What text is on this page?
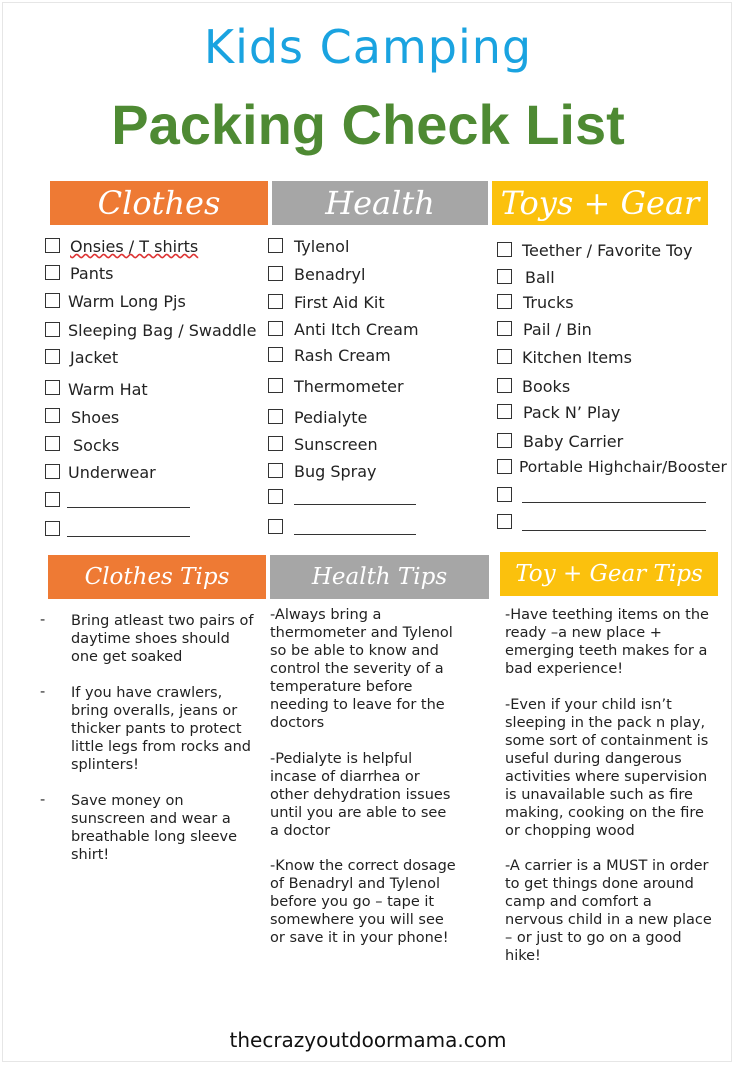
Kids Camping
Packing Check List
Clothes	Health	Toys + Gear
Onsies / T shirts
Pants
Warm Long Pjs
Sleeping Bag / Swaddle
Jacket
Warm Hat
Shoes
Socks
Underwear
Tylenol
Benadryl
First Aid Kit
Anti Itch Cream
Rash Cream
Thermometer
Pedialyte
Sunscreen
Bug Spray
Teether / Favorite Toy
Ball
Trucks
Pail / Bin
Kitchen Items
Books
Pack N’ Play
Baby Carrier
Portable Highchair/Booster
Clothes Tips	Health Tips	Toy + Gear Tips
- Bring atleast two pairs of daytime shoes should one get soaked
- If you have crawlers, bring overalls, jeans or thicker pants to protect little legs from rocks and splinters!
- Save money on sunscreen and wear a breathable long sleeve shirt!
-Always bring a thermometer and Tylenol so be able to know and control the severity of a temperature before needing to leave for the doctors
-Pedialyte is helpful incase of diarrhea or other dehydration issues until you are able to see a doctor
-Know the correct dosage of Benadryl and Tylenol before you go – tape it somewhere you will see or save it in your phone!
-Have teething items on the ready –a new place + emerging teeth makes for a bad experience!
-Even if your child isn’t sleeping in the pack n play, some sort of containment is useful during dangerous activities where supervision is unavailable such as fire making, cooking on the fire or chopping wood
-A carrier is a MUST in order to get things done around camp and comfort a nervous child in a new place – or just to go on a good hike!
thecrazyoutdoormama.com
